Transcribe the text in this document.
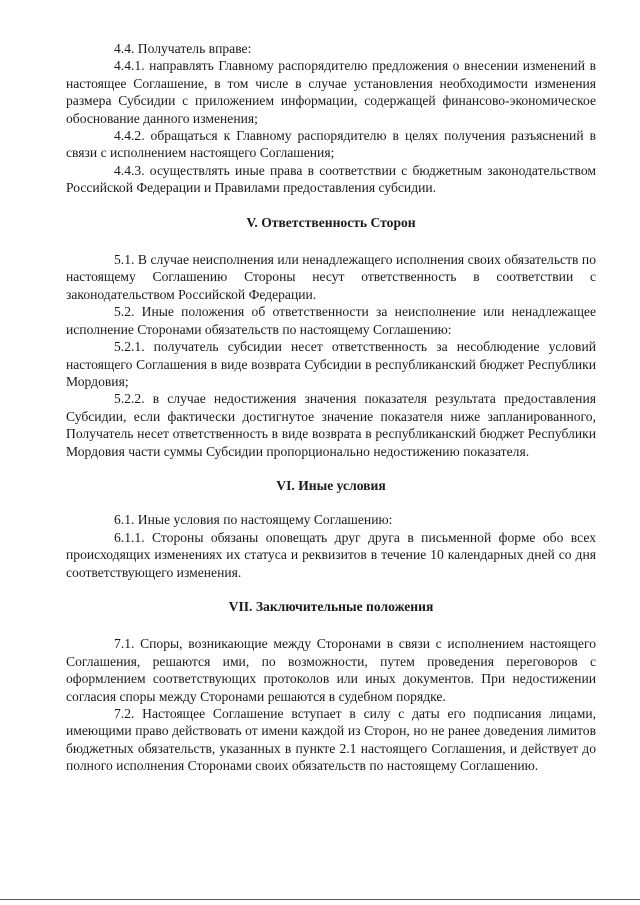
4.4. Получатель вправе:

4.4.1. направлять Главному распорядителю предложения о внесении изменений в настоящее Соглашение, в том числе в случае установления необходимости изменения размера Субсидии с приложением информации, содержащей финансово-экономическое обоснование данного изменения;

4.4.2. обращаться к Главному распорядителю в целях получения разъяснений в связи с исполнением настоящего Соглашения;

4.4.3. осуществлять иные права в соответствии с бюджетным законодательством Российской Федерации и Правилами предоставления субсидии.

V. Ответственность Сторон

5.1. В случае неисполнения или ненадлежащего исполнения своих обязательств по настоящему Соглашению Стороны несут ответственность в соответствии с законодательством Российской Федерации.

5.2. Иные положения об ответственности за неисполнение или ненадлежащее исполнение Сторонами обязательств по настоящему Соглашению:

5.2.1. получатель субсидии несет ответственность за несоблюдение условий настоящего Соглашения в виде возврата Субсидии в республиканский бюджет Республики Мордовия;

5.2.2. в случае недостижения значения показателя результата предоставления Субсидии, если фактически достигнутое значение показателя ниже запланированного, Получатель несет ответственность в виде возврата в республиканский бюджет Республики Мордовия части суммы Субсидии пропорционально недостижению показателя.

VI. Иные условия

6.1. Иные условия по настоящему Соглашению:

6.1.1. Стороны обязаны оповещать друг друга в письменной форме обо всех происходящих изменениях их статуса и реквизитов в течение 10 календарных дней со дня соответствующего изменения.

VII. Заключительные положения

7.1. Споры, возникающие между Сторонами в связи с исполнением настоящего Соглашения, решаются ими, по возможности, путем проведения переговоров с оформлением соответствующих протоколов или иных документов. При недостижении согласия споры между Сторонами решаются в судебном порядке.

7.2. Настоящее Соглашение вступает в силу с даты его подписания лицами, имеющими право действовать от имени каждой из Сторон, но не ранее доведения лимитов бюджетных обязательств, указанных в пункте 2.1 настоящего Соглашения, и действует до полного исполнения Сторонами своих обязательств по настоящему Соглашению.
